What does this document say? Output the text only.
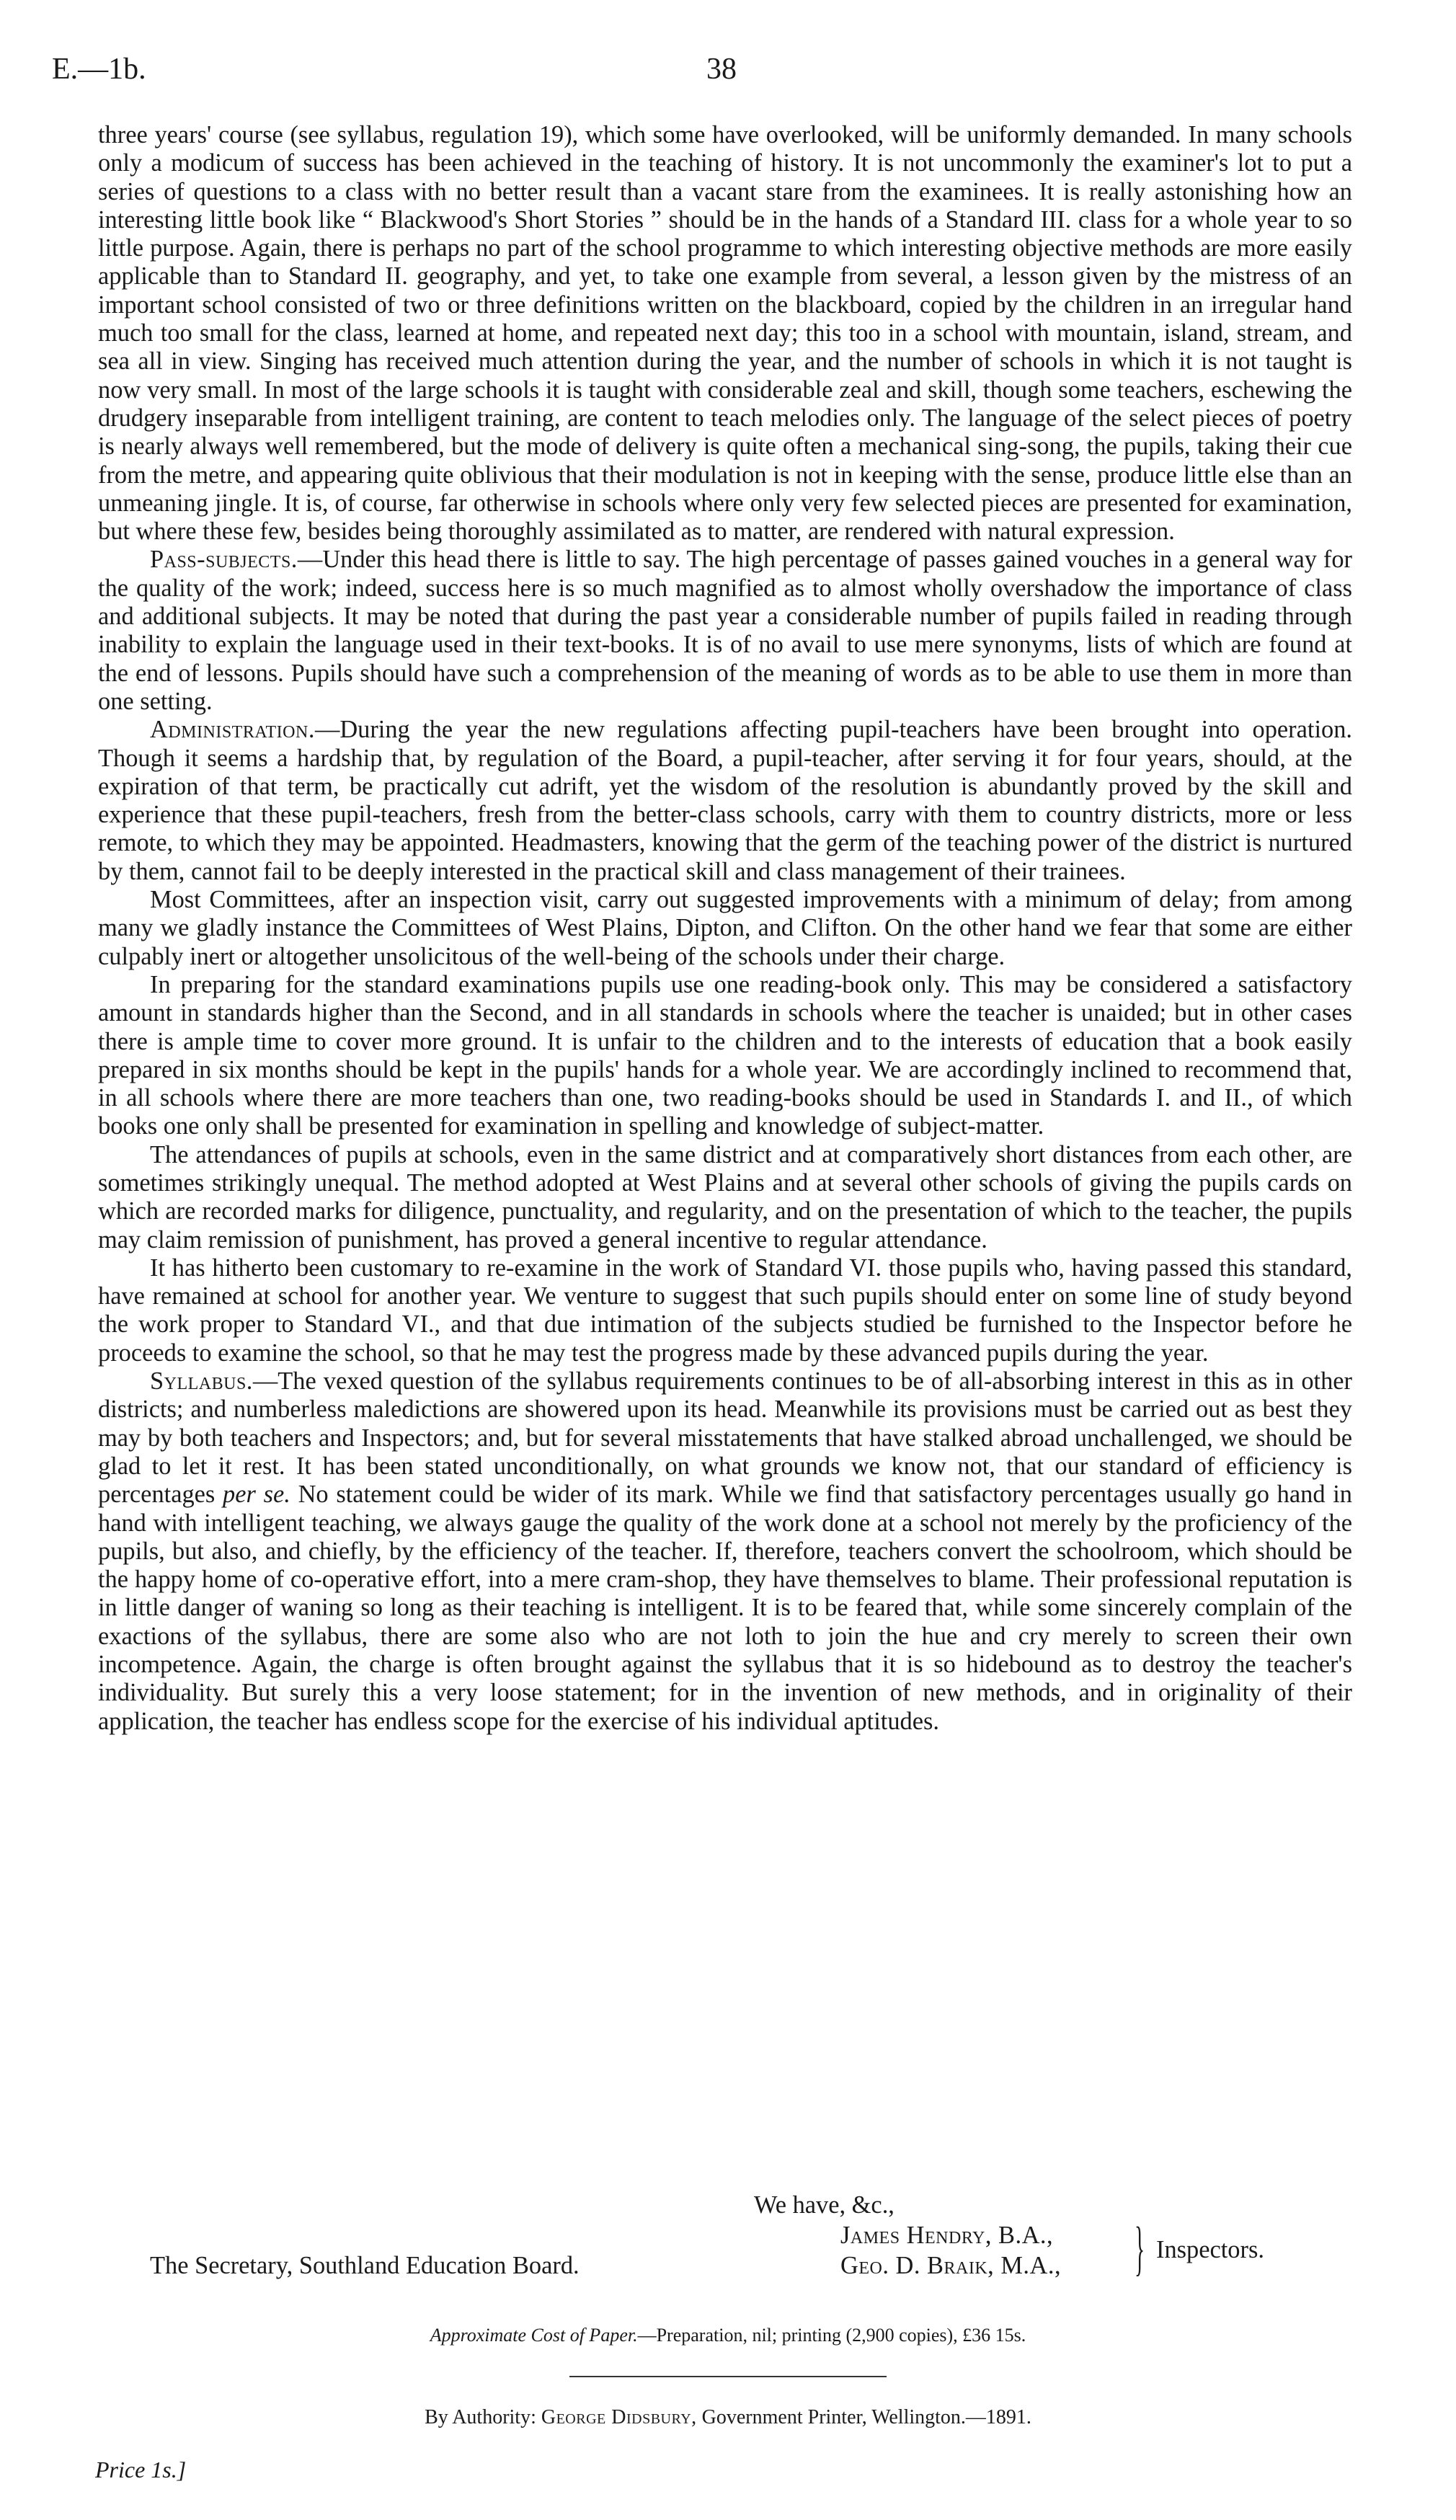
E.—1b.	38

three years' course (see syllabus, regulation 19), which some have overlooked, will be uniformly demanded. In many schools only a modicum of success has been achieved in the teaching of history. It is not uncommonly the examiner's lot to put a series of questions to a class with no better result than a vacant stare from the examinees. It is really astonishing how an interesting little book like “ Blackwood's Short Stories ” should be in the hands of a Standard III. class for a whole year to so little purpose. Again, there is perhaps no part of the school programme to which interesting objective methods are more easily applicable than to Standard II. geography, and yet, to take one example from several, a lesson given by the mistress of an important school consisted of two or three definitions written on the blackboard, copied by the children in an irregular hand much too small for the class, learned at home, and repeated next day; this too in a school with mountain, island, stream, and sea all in view. Singing has received much attention during the year, and the number of schools in which it is not taught is now very small. In most of the large schools it is taught with considerable zeal and skill, though some teachers, eschewing the drudgery inseparable from intelligent training, are content to teach melodies only. The language of the select pieces of poetry is nearly always well remembered, but the mode of delivery is quite often a mechanical sing-song, the pupils, taking their cue from the metre, and appearing quite oblivious that their modulation is not in keeping with the sense, produce little else than an unmeaning jingle. It is, of course, far otherwise in schools where only very few selected pieces are presented for examination, but where these few, besides being thoroughly assimilated as to matter, are rendered with natural expression.

Pass-subjects.—Under this head there is little to say. The high percentage of passes gained vouches in a general way for the quality of the work; indeed, success here is so much magnified as to almost wholly overshadow the importance of class and additional subjects. It may be noted that during the past year a considerable number of pupils failed in reading through inability to explain the language used in their text-books. It is of no avail to use mere synonyms, lists of which are found at the end of lessons. Pupils should have such a comprehension of the meaning of words as to be able to use them in more than one setting.

Administration.—During the year the new regulations affecting pupil-teachers have been brought into operation. Though it seems a hardship that, by regulation of the Board, a pupil-teacher, after serving it for four years, should, at the expiration of that term, be practically cut adrift, yet the wisdom of the resolution is abundantly proved by the skill and experience that these pupil-teachers, fresh from the better-class schools, carry with them to country districts, more or less remote, to which they may be appointed. Headmasters, knowing that the germ of the teaching power of the district is nurtured by them, cannot fail to be deeply interested in the practical skill and class management of their trainees.

Most Committees, after an inspection visit, carry out suggested improvements with a minimum of delay; from among many we gladly instance the Committees of West Plains, Dipton, and Clifton. On the other hand we fear that some are either culpably inert or altogether unsolicitous of the well-being of the schools under their charge.

In preparing for the standard examinations pupils use one reading-book only. This may be considered a satisfactory amount in standards higher than the Second, and in all standards in schools where the teacher is unaided; but in other cases there is ample time to cover more ground. It is unfair to the children and to the interests of education that a book easily prepared in six months should be kept in the pupils' hands for a whole year. We are accordingly inclined to recommend that, in all schools where there are more teachers than one, two reading-books should be used in Standards I. and II., of which books one only shall be presented for examination in spelling and knowledge of subject-matter.

The attendances of pupils at schools, even in the same district and at comparatively short distances from each other, are sometimes strikingly unequal. The method adopted at West Plains and at several other schools of giving the pupils cards on which are recorded marks for diligence, punctuality, and regularity, and on the presentation of which to the teacher, the pupils may claim remission of punishment, has proved a general incentive to regular attendance.

It has hitherto been customary to re-examine in the work of Standard VI. those pupils who, having passed this standard, have remained at school for another year. We venture to suggest that such pupils should enter on some line of study beyond the work proper to Standard VI., and that due intimation of the subjects studied be furnished to the Inspector before he proceeds to examine the school, so that he may test the progress made by these advanced pupils during the year.

Syllabus.—The vexed question of the syllabus requirements continues to be of all-absorbing interest in this as in other districts; and numberless maledictions are showered upon its head. Meanwhile its provisions must be carried out as best they may by both teachers and Inspectors; and, but for several misstatements that have stalked abroad unchallenged, we should be glad to let it rest. It has been stated unconditionally, on what grounds we know not, that our standard of efficiency is percentages per se. No statement could be wider of its mark. While we find that satisfactory percentages usually go hand in hand with intelligent teaching, we always gauge the quality of the work done at a school not merely by the proficiency of the pupils, but also, and chiefly, by the efficiency of the teacher. If, therefore, teachers convert the schoolroom, which should be the happy home of co-operative effort, into a mere cram-shop, they have themselves to blame. Their professional reputation is in little danger of waning so long as their teaching is intelligent. It is to be feared that, while some sincerely complain of the exactions of the syllabus, there are some also who are not loth to join the hue and cry merely to screen their own incompetence. Again, the charge is often brought against the syllabus that it is so hidebound as to destroy the teacher's individuality. But surely this a very loose statement; for in the invention of new methods, and in originality of their application, the teacher has endless scope for the exercise of his individual aptitudes.

We have, &c.,
James Hendry, B.A.,
Geo. D. Braik, M.A., } Inspectors.
The Secretary, Southland Education Board.
Approximate Cost of Paper.—Preparation, nil; printing (2,900 copies), £36 15s.
By Authority: George Didsbury, Government Printer, Wellington.—1891.
Price 1s.]
